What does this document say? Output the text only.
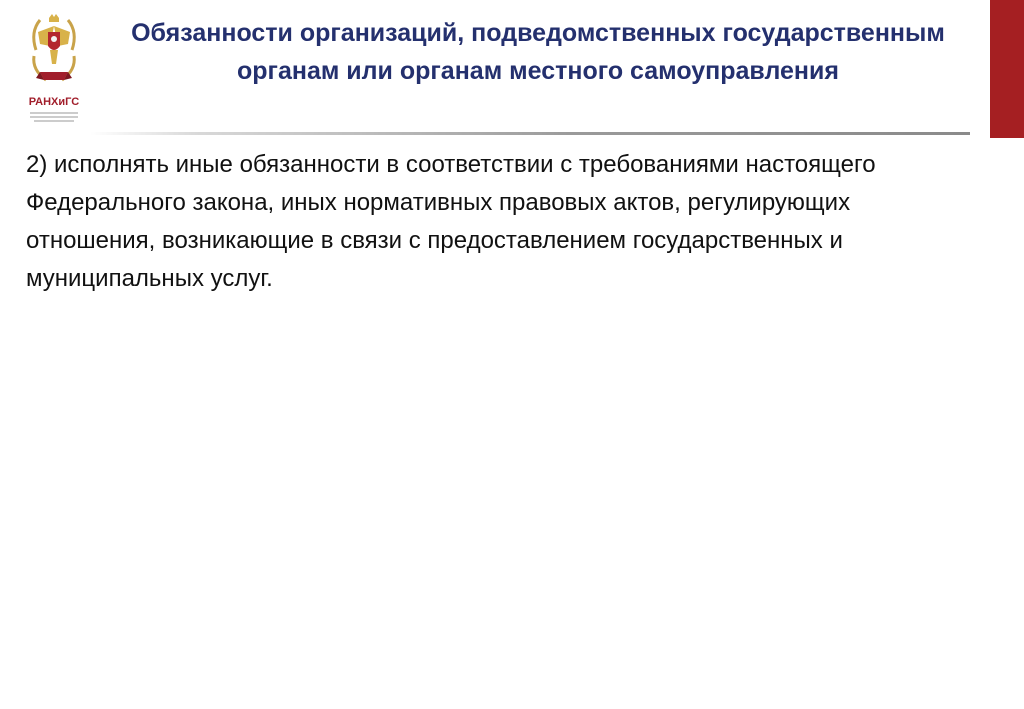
РАНХиГС
Обязанности организаций, подведомственных государственным органам или органам местного самоуправления
2) исполнять иные обязанности в соответствии с требованиями настоящего Федерального закона, иных нормативных правовых актов, регулирующих отношения, возникающие в связи с предоставлением государственных и муниципальных услуг.
